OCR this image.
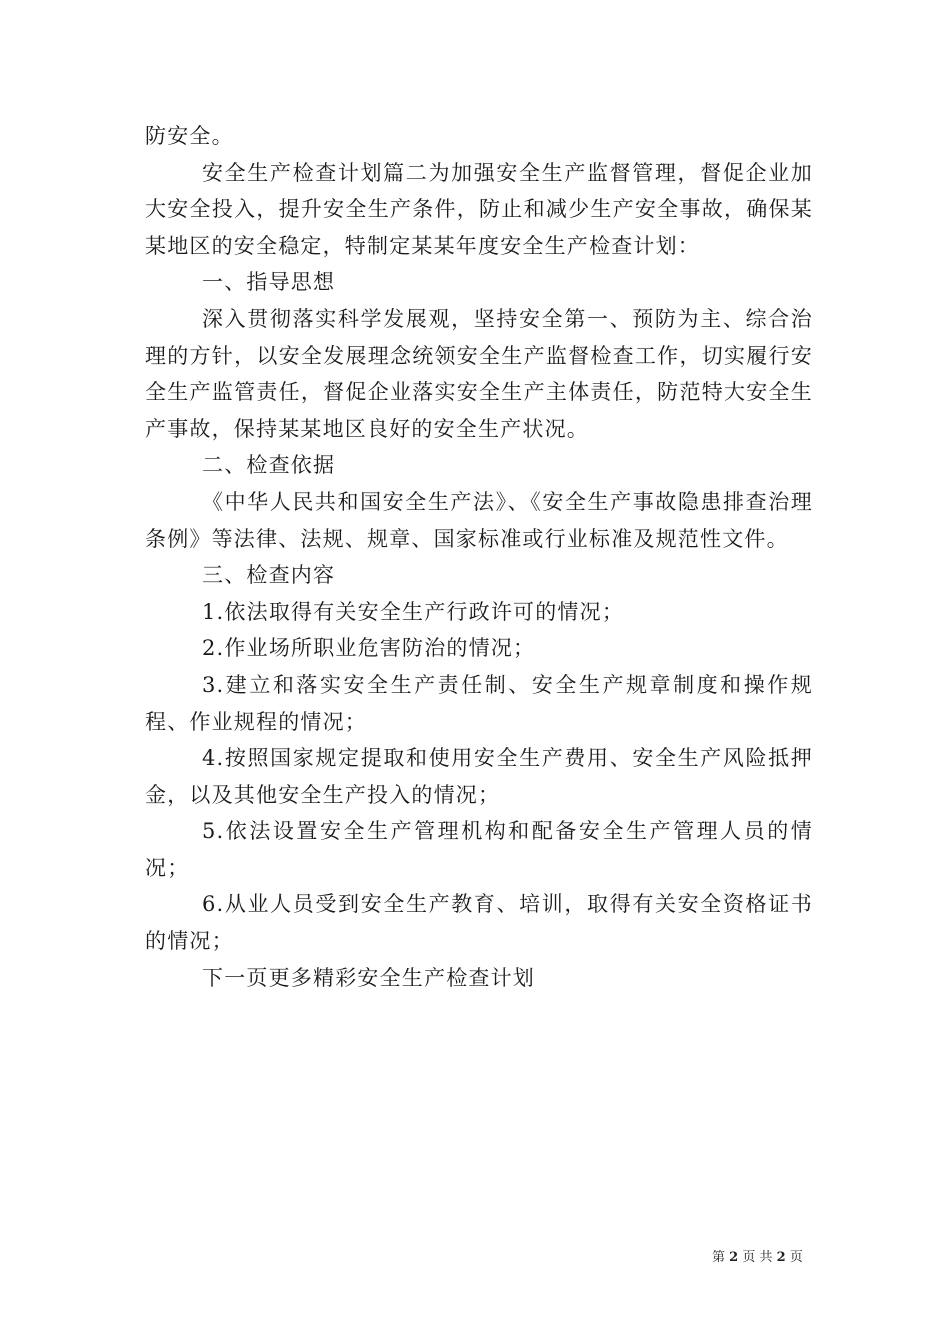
防安全。

安全生产检查计划篇二为加强安全生产监督管理，督促企业加大安全投入，提升安全生产条件，防止和减少生产安全事故，确保某某地区的安全稳定，特制定某某年度安全生产检查计划：

一、指导思想

深入贯彻落实科学发展观，坚持安全第一、预防为主、综合治理的方针，以安全发展理念统领安全生产监督检查工作，切实履行安全生产监管责任，督促企业落实安全生产主体责任，防范特大安全生产事故，保持某某地区良好的安全生产状况。

二、检查依据

《中华人民共和国安全生产法》、《安全生产事故隐患排查治理条例》等法律、法规、规章、国家标准或行业标准及规范性文件。

三、检查内容

1.依法取得有关安全生产行政许可的情况；

2.作业场所职业危害防治的情况；

3.建立和落实安全生产责任制、安全生产规章制度和操作规程、作业规程的情况；

4.按照国家规定提取和使用安全生产费用、安全生产风险抵押金，以及其他安全生产投入的情况；

5.依法设置安全生产管理机构和配备安全生产管理人员的情况；

6.从业人员受到安全生产教育、培训，取得有关安全资格证书的情况；

下一页更多精彩安全生产检查计划

第 2 页 共 2 页
